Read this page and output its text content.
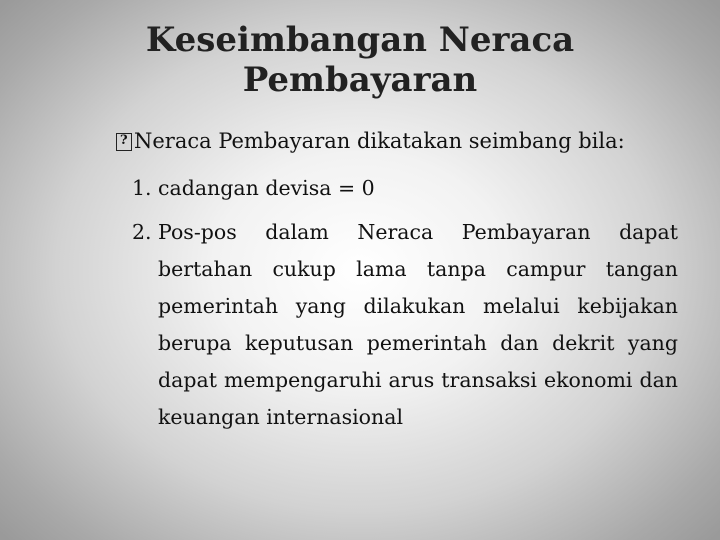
Keseimbangan Neraca
Pembayaran
?Neraca Pembayaran dikatakan seimbang bila:
1. cadangan devisa = 0
2. Pos-pos dalam Neraca Pembayaran dapat bertahan cukup lama tanpa campur tangan pemerintah yang dilakukan melalui kebijakan berupa keputusan pemerintah dan dekrit yang dapat mempengaruhi arus transaksi ekonomi dan keuangan internasional
